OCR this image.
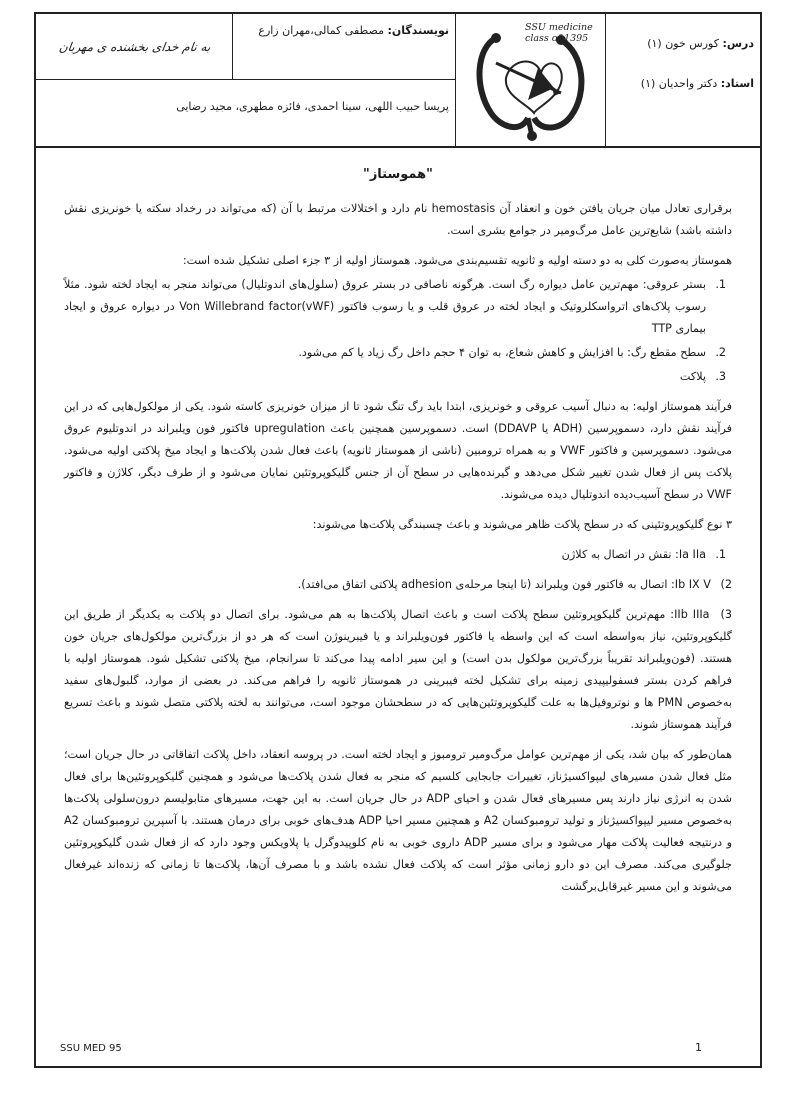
درس: کورس خون (۱)
استاد: دکتر واحدیان (۱)
SSU medicine
class of 1395
نویسندگان: مصطفی کمالی،مهران زارع
به نام خدای بخشنده ی مهربان
پریسا حبیب اللهی، سینا احمدی، فائزه مطهری، مجید رضایی
"هموستاز"

برقراری تعادل میان جریان یافتن خون و انعقاد آن hemostasis نام دارد و اختلالات مرتبط با آن (که می‌تواند در رخداد سکته یا خونریزی نقش داشته باشد) شایع‌ترین عامل مرگ‌ومیر در جوامع بشری است.

هموستاز به‌صورت کلی به دو دسته اولیه و ثانویه تقسیم‌بندی می‌شود. هموستاز اولیه از ۳ جزء اصلی تشکیل شده است:

1.
بستر عروقی: مهم‌ترین عامل دیواره رگ است. هرگونه ناصافی در بستر عروق (سلول‌های اندوتلیال) می‌تواند منجر به ایجاد لخته شود. مثلاً رسوب پلاک‌های اترواسکلروتیک و ایجاد لخته در عروق قلب و یا رسوب فاکتور Von Willebrand factor(vWF) در دیواره عروق و ایجاد بیماری TTP
2.
سطح مقطع رگ: با افزایش و کاهش شعاع، به توان ۴ حجم داخل رگ زیاد یا کم می‌شود.
3.
پلاکت

فرآیند هموستاز اولیه: به دنبال آسیب عروقی و خونریزی، ابتدا باید رگ تنگ شود تا از میزان خونریزی کاسته شود. یکی از مولکول‌هایی که در این فرآیند نقش دارد، دسموپرسین (ADH یا DDAVP) است. دسموپرسین همچنین باعث upregulation فاکتور فون ویلبراند در اندوتلیوم عروق می‌شود. دسموپرسین و فاکتور VWF و به همراه ترومبین (ناشی از هموستاز ثانویه) باعث فعال شدن پلاکت‌ها و ایجاد میخ پلاکتی اولیه می‌شود. پلاکت پس از فعال شدن تغییر شکل می‌دهد و گیرنده‌هایی در سطح آن از جنس گلیکوپروتئین نمایان می‌شود و از طرف دیگر، کلاژن و فاکتور VWF در سطح آسیب‌دیده اندوتلیال دیده می‌شوند.

۳ نوع گلیکوپروتئینی که در سطح پلاکت ظاهر می‌شوند و باعث چسبندگی پلاکت‌ها می‌شوند:

1.
Ia IIa: نقش در اتصال به کلاژن
2) Ib IX V: اتصال به فاکتور فون ویلبراند (تا اینجا مرحله‌ی adhesion پلاکتی اتفاق می‌افتد).
3) IIb IIIa: مهم‌ترین گلیکوپروتئین سطح پلاکت است و باعث اتصال پلاکت‌ها به هم می‌شود. برای اتصال دو پلاکت به یکدیگر از طریق این گلیکوپروتئین، نیاز به‌واسطه است که این واسطه یا فاکتور فون‌ویلبراند و یا فیبرینوژن است که هر دو از بزرگ‌ترین مولکول‌های جریان خون هستند. (فون‌ویلبراند تقریباً بزرگ‌ترین مولکول بدن است) و این سیر ادامه پیدا می‌کند تا سرانجام، میخ پلاکتی تشکیل شود. هموستاز اولیه با فراهم کردن بستر فسفولیپیدی زمینه برای تشکیل لخته فیبرینی در هموستاز ثانویه را فراهم می‌کند. در بعضی از موارد، گلبول‌های سفید به‌خصوص PMN ها و نوتروفیل‌ها به علت گلیکوپروتئین‌هایی که در سطحشان موجود است، می‌توانند به لخته پلاکتی متصل شوند و باعث تسریع فرآیند هموستاز شوند.

همان‌طور که بیان شد، یکی از مهم‌ترین عوامل مرگ‌ومیر ترومبوز و ایجاد لخته است. در پروسه انعقاد، داخل پلاکت اتفاقاتی در حال جریان است؛ مثل فعال شدن مسیرهای لیپواکسیژناز، تغییرات جابجایی کلسیم که منجر به فعال شدن پلاکت‌ها می‌شود و همچنین گلیکوپروتئین‌ها برای فعال شدن به انرژی نیاز دارند پس مسیرهای فعال شدن و احیای ADP در حال جریان است. به این جهت، مسیرهای متابولیسم درون‌سلولی پلاکت‌ها به‌خصوص مسیر لیپواکسیژناز و تولید ترومبوکسان A2 و همچنین مسیر احیا ADP هدف‌های خوبی برای درمان هستند. با آسپرین ترومبوکسان A2 و درنتیجه فعالیت پلاکت مهار می‌شود و برای مسیر ADP داروی خوبی به نام کلوپیدوگرل یا پلاویکس وجود دارد که از فعال شدن گلیکوپروتئین جلوگیری می‌کند. مصرف این دو دارو زمانی مؤثر است که پلاکت فعال نشده باشد و با مصرف آن‌ها، پلاکت‌ها تا زمانی که زنده‌اند غیرفعال می‌شوند و این مسیر غیرقابل‌برگشت

SSU MED 95	1
